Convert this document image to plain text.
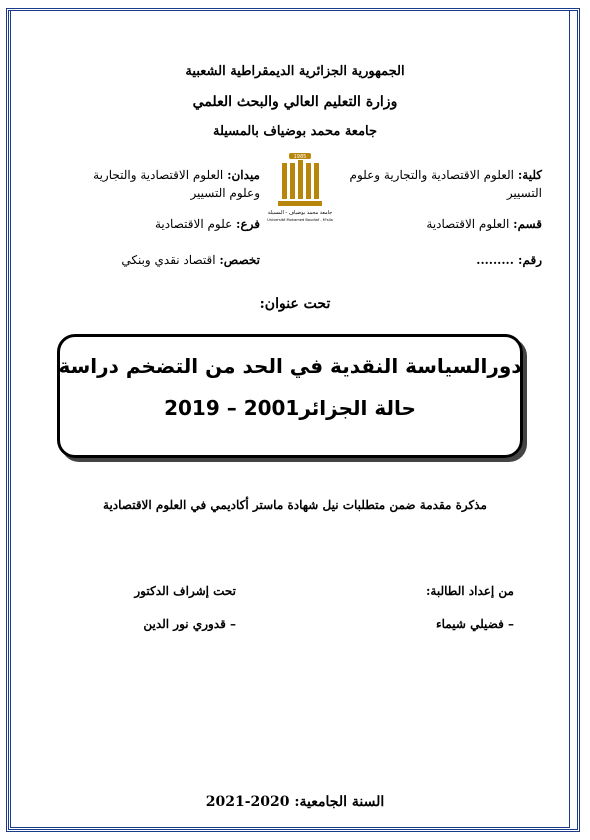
الجمهورية الجزائرية الديمقراطية الشعبية
وزارة التعليم العالي والبحث العلمي
جامعة محمد بوضياف بالمسيلة
1985
جامعة محمد بوضياف - المسيلة
Université Mohamed Boudiaf - M'sila
كلية: العلوم الاقتصادية والتجارية وعلوم
التسيير
ميدان: العلوم الاقتصادية والتجارية
وعلوم التسيير
قسم: العلوم الاقتصادية
فرع: علوم الاقتصادية
رقم: .........
تخصص: اقتصاد نقدي وبنكي
تحت عنوان:
دورالسياسة النقدية في الحد من التضخم دراسة
حالة الجزائر2001 – 2019
مذكرة مقدمة ضمن متطلبات نيل شهادة ماستر أكاديمي في العلوم الاقتصادية
من إعداد الطالبة:
– فضيلي شيماء
تحت إشراف الدكتور
– قدوري نور الدين
السنة الجامعية: 2020-2021
